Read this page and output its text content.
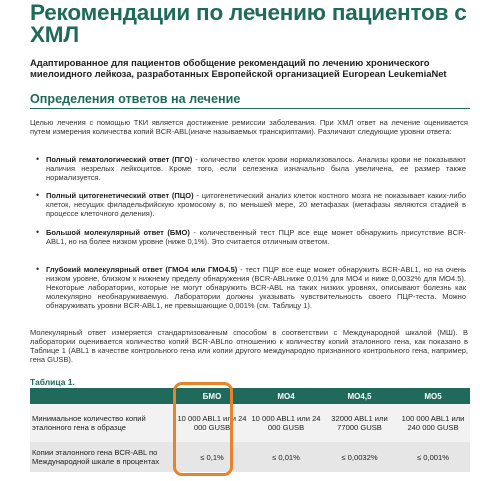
Рекомендации по лечению пациентов с ХМЛ
Адаптированное для пациентов обобщение рекомендаций по лечению хронического миелоидного лейкоза, разработанных Европейской организацией European LeukemiaNet
Определения ответов на лечение
Целью лечения с помощью ТКИ является достижение ремиссии заболевания. При ХМЛ ответ на лечение оценивается путем измерения количества копий BCR-ABL(иначе называемых транскриптами). Различают следующие уровни ответа:
• Полный гематологический ответ (ПГО) - количество клеток крови нормализовалось. Анализы крови не показывают наличия незрелых лейкоцитов. Кроме того, если селезенка изначально была увеличена, ее размер также нормализуется.
• Полный цитогенетический ответ (ПЦО) - цитогенетический анализ клеток костного мозга не показывает каких-либо клеток, несущих филадельфийскую хромосому в, по меньшей мере, 20 метафазах (метафазы являются стадией в процессе клеточного деления).
• Большой молекулярный ответ (БМО) - количественный тест ПЦР все еще может обнаружить присутствие BCR-ABL1, но на более низком уровне (ниже 0,1%). Это считается отличным ответом.
• Глубокий молекулярный ответ (ГМО4 или ГМО4.5) - тест ПЦР все еще может обнаружить BCR-ABL1, но на очень низком уровне, близком к нижнему пределу обнаружения (BCR-ABLниже 0,01% для МО4 и ниже 0,0032% для МО4.5). Некоторые лаборатории, которые не могут обнаружить BCR-ABL на таких низких уровнях, описывают болезнь как молекулярно необнаруживаемую. Лаборатории должны указывать чувствительность своего ПЦР-теста. Можно обнаруживать уровни BCR-ABL1, не превышающие 0,001% (см. Таблицу 1).
Молекулярный ответ измеряется стандартизованным способом в соответствии с Международной шкалой (МШ). В лаборатории оценивается количество копий BCR-ABLпо отношению к количеству копий эталонного гена, как показано в Таблице 1 (ABL1 в качестве контрольного гена или копии другого международно признанного контрольного гена, например, гена GUSB).
Таблица 1.
	БМО	МО4	МО4,5	МО5
Минимальное количество копий эталонного гена в образце	10 000 ABL1 или 24 000 GUSB	10 000 ABL1 или 24 000 GUSB	32000 ABL1 или 77000 GUSB	100 000 ABL1 или 240 000 GUSB
Копии эталонного гена BCR-ABL по Международной шкале в процентах	≤ 0,1%	≤ 0,01%	≤ 0,0032%	≤ 0,001%
